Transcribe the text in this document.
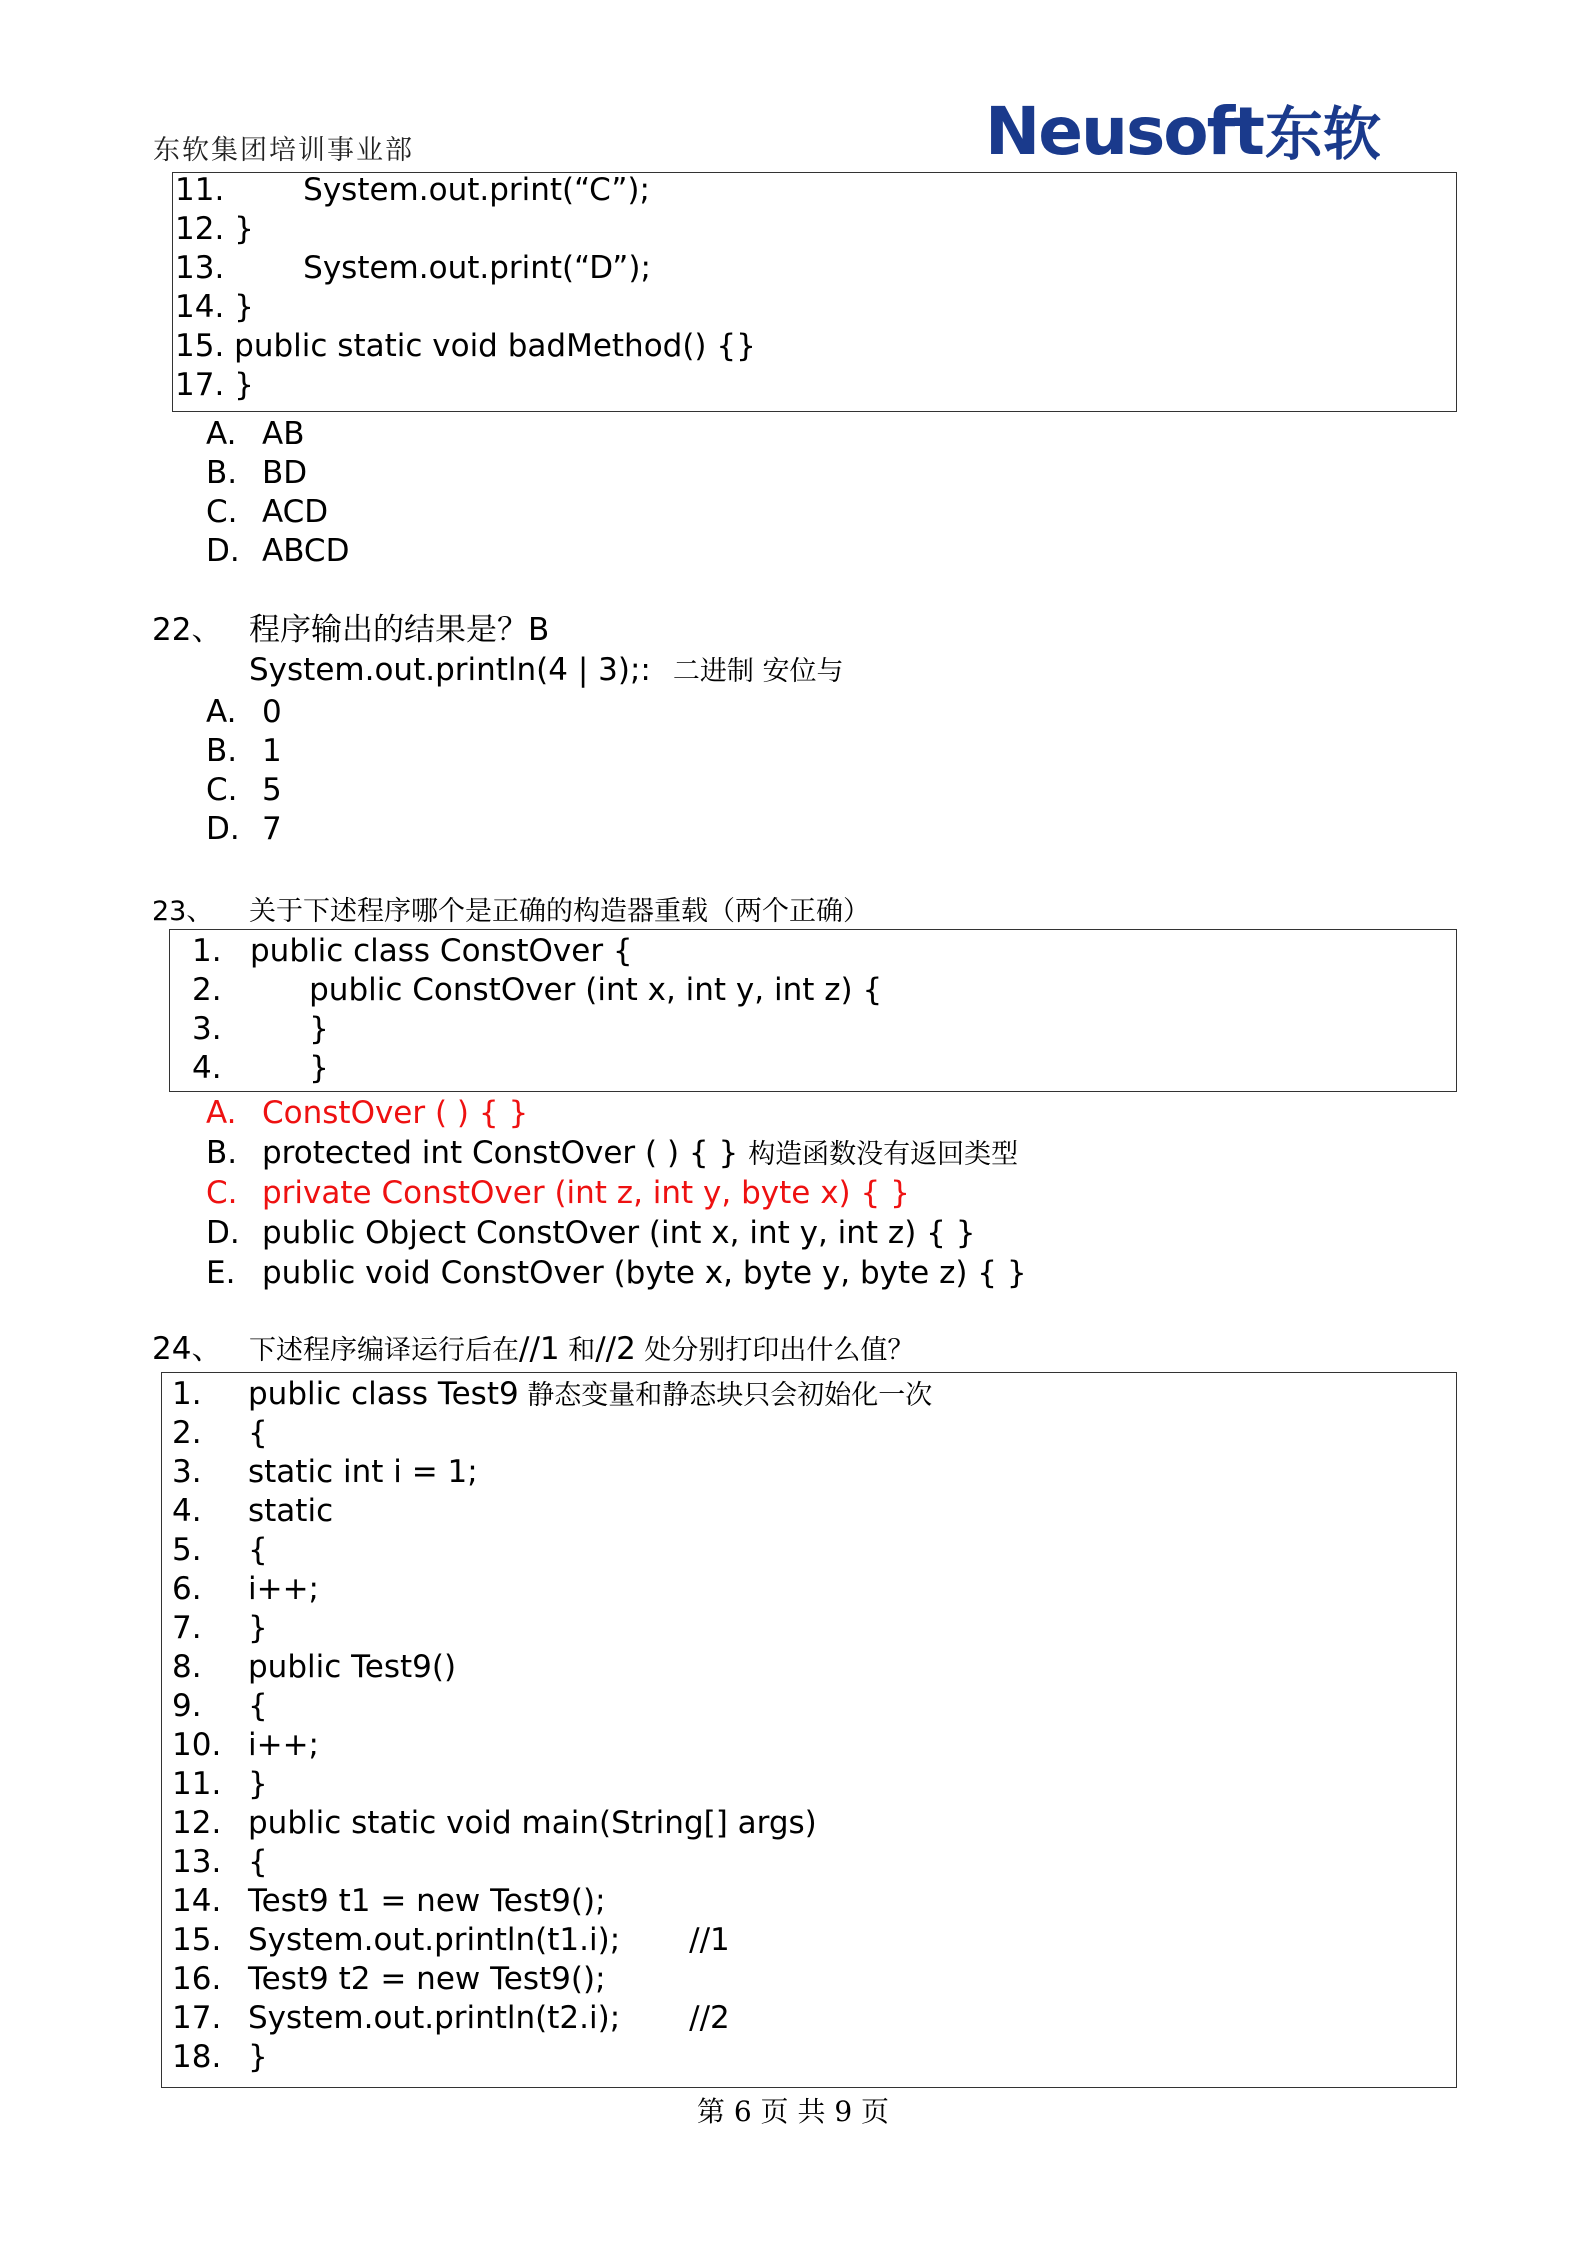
东软集团培训事业部	Neusoft东软
11.        System.out.print(“C”);
12. }
13.        System.out.print(“D”);
14. }
15. public static void badMethod() {}
17. }
A. AB
B. BD
C. ACD
D. ABCD
22、 程序输出的结果是？B
System.out.println(4 | 3);: 二进制 安位与
A. 0
B. 1
C. 5
D. 7
23、 关于下述程序哪个是正确的构造器重载（两个正确）
1. public class ConstOver {
2.      public ConstOver (int x, int y, int z) {
3.      }
4.      }
A. ConstOver ( ) { }
B. protected int ConstOver ( ) { } 构造函数没有返回类型
C. private ConstOver (int z, int y, byte x) { }
D. public Object ConstOver (int x, int y, int z) { }
E. public void ConstOver (byte x, byte y, byte z) { }
24、 下述程序编译运行后在//1 和//2 处分别打印出什么值？
1. public class Test9 静态变量和静态块只会初始化一次
2. {
3. static int i = 1;
4. static
5. {
6. i++;
7. }
8. public Test9()
9. {
10. i++;
11. }
12. public static void main(String[] args)
13. {
14. Test9 t1 = new Test9();
15. System.out.println(t1.i);       //1
16. Test9 t2 = new Test9();
17. System.out.println(t2.i);       //2
18. }
第 6 页 共 9 页
